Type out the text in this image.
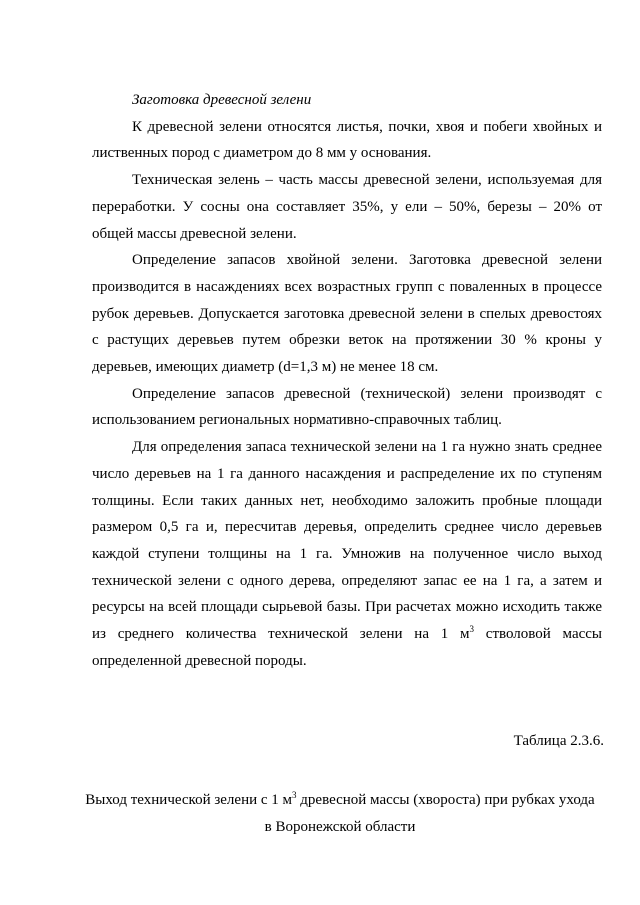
Заготовка древесной зелени

К древесной зелени относятся листья, почки, хвоя и побеги хвойных и лиственных пород с диаметром до 8 мм у основания.

Техническая зелень – часть массы древесной зелени, используемая для переработки. У сосны она составляет 35%, у ели – 50%, березы – 20% от общей массы древесной зелени.

Определение запасов хвойной зелени. Заготовка древесной зелени производится в насаждениях всех возрастных групп с поваленных в процессе рубок деревьев. Допускается заготовка древесной зелени в спелых древостоях с растущих деревьев путем обрезки веток на протяжении 30 % кроны у деревьев, имеющих диаметр (d=1,3 м) не менее 18 см.

Определение запасов древесной (технической) зелени производят с использованием региональных нормативно-справочных таблиц.

Для определения запаса технической зелени на 1 га нужно знать среднее число деревьев на 1 га данного насаждения и распределение их по ступеням толщины. Если таких данных нет, необходимо заложить пробные площади размером 0,5 га и, пересчитав деревья, определить среднее число деревьев каждой ступени толщины на 1 га. Умножив на полученное число выход технической зелени с одного дерева, определяют запас ее на 1 га, а затем и ресурсы на всей площади сырьевой базы. При расчетах можно исходить также из среднего количества технической зелени на 1 $м^3$ стволовой массы определенной древесной породы.

Таблица 2.3.6.

Выход технической зелени с 1 $м^3$ древесной массы (хвороста) при рубках ухода в Воронежской области
